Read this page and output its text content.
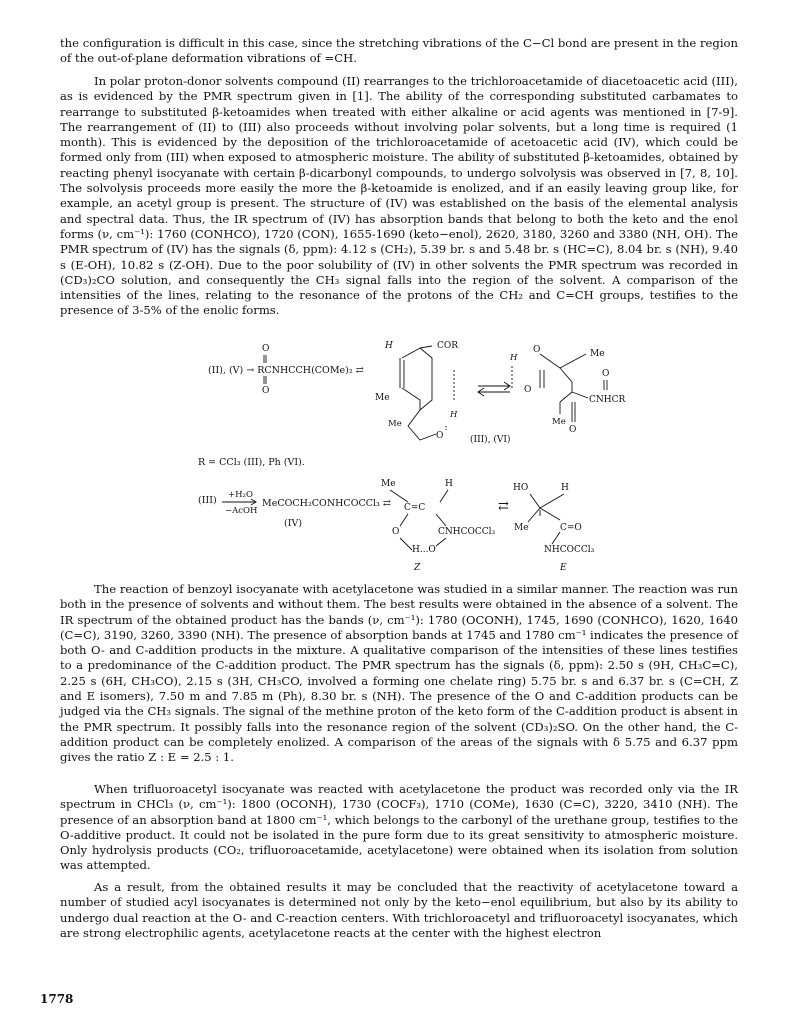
the configuration is difficult in this case, since the stretching vibrations of the C−Cl bond are present in the region of the out-of-plane deformation vibrations of =CH.

In polar proton-donor solvents compound (II) rearranges to the trichloroacetamide of diacetoacetic acid (III), as is evidenced by the PMR spectrum given in [1]. The ability of the corresponding substituted carbamates to rearrange to substituted β-ketoamides when treated with either alkaline or acid agents was mentioned in [7-9]. The rearrangement of (II) to (III) also proceeds without involving polar solvents, but a long time is required (1 month). This is evidenced by the deposition of the trichloroacetamide of acetoacetic acid (IV), which could be formed only from (III) when exposed to atmospheric moisture. The ability of substituted β-ketoamides, obtained by reacting phenyl isocyanate with certain β-dicarbonyl compounds, to undergo solvolysis was observed in [7, 8, 10]. The solvolysis proceeds more easily the more the β-ketoamide is enolized, and if an easily leaving group like, for example, an acetyl group is present. The structure of (IV) was established on the basis of the elemental analysis and spectral data. Thus, the IR spectrum of (IV) has absorption bands that belong to both the keto and the enol forms (ν, cm⁻¹): 1760 (CONHCO), 1720 (CON), 1655-1690 (keto−enol), 2620, 3180, 3260 and 3380 (NH, OH). The PMR spectrum of (IV) has the signals (δ, ppm): 4.12 s (CH₂), 5.39 br. s and 5.48 br. s (HC=C), 8.04 br. s (NH), 9.40 s (E-OH), 10.82 s (Z-OH). Due to the poor solubility of (IV) in other solvents the PMR spectrum was recorded in (CD₃)₂CO solution, and consequently the CH₃ signal falls into the region of the solvent. A comparison of the intensities of the lines, relating to the resonance of the protons of the CH₂ and C=CH groups, testifies to the presence of 3-5% of the enolic forms.

O
(II), (V) → RCNHCCH(COMe)₂ ⇄
O
H	COR
Me
Me
O
H
H
O	Me
O
O
CNHCR
Me
O
(III), (VI)
R = CCl₃ (III), Ph (VI).
(III) +H₂O
−AcOH
MeCOCH₂CONHCOCCl₃ ⇄
(IV)
Me	H
C=C
O	CNHCOCCl₃
H...O
Z
⇄
HO	H
Me	C=O
NHCOCCl₃
E

The reaction of benzoyl isocyanate with acetylacetone was studied in a similar manner. The reaction was run both in the presence of solvents and without them. The best results were obtained in the absence of a solvent. The IR spectrum of the obtained product has the bands (ν, cm⁻¹): 1780 (OCONH), 1745, 1690 (CONHCO), 1620, 1640 (C=C), 3190, 3260, 3390 (NH). The presence of absorption bands at 1745 and 1780 cm⁻¹ indicates the presence of both O- and C-addition products in the mixture. A qualitative comparison of the intensities of these lines testifies to a predominance of the C-addition product. The PMR spectrum has the signals (δ, ppm): 2.50 s (9H, CH₃C=C), 2.25 s (6H, CH₃CO), 2.15 s (3H, CH₃CO, involved a forming one chelate ring) 5.75 br. s and 6.37 br. s (C=CH, Z and E isomers), 7.50 m and 7.85 m (Ph), 8.30 br. s (NH). The presence of the O and C-addition products can be judged via the CH₃ signals. The signal of the methine proton of the keto form of the C-addition product is absent in the PMR spectrum. It possibly falls into the resonance region of the solvent (CD₃)₂SO. On the other hand, the C-addition product can be completely enolized. A comparison of the areas of the signals with δ 5.75 and 6.37 ppm gives the ratio Z : E = 2.5 : 1.

When trifluoroacetyl isocyanate was reacted with acetylacetone the product was recorded only via the IR spectrum in CHCl₃ (ν, cm⁻¹): 1800 (OCONH), 1730 (COCF₃), 1710 (COMe), 1630 (C=C), 3220, 3410 (NH). The presence of an absorption band at 1800 cm⁻¹, which belongs to the carbonyl of the urethane group, testifies to the O-additive product. It could not be isolated in the pure form due to its great sensitivity to atmospheric moisture. Only hydrolysis products (CO₂, trifluoroacetamide, acetylacetone) were obtained when its isolation from solution was attempted.

As a result, from the obtained results it may be concluded that the reactivity of acetylacetone toward a number of studied acyl isocyanates is determined not only by the keto−enol equilibrium, but also by its ability to undergo dual reaction at the O- and C-reaction centers. With trichloroacetyl and trifluoroacetyl isocyanates, which are strong electrophilic agents, acetylacetone reacts at the center with the highest electron

1778
